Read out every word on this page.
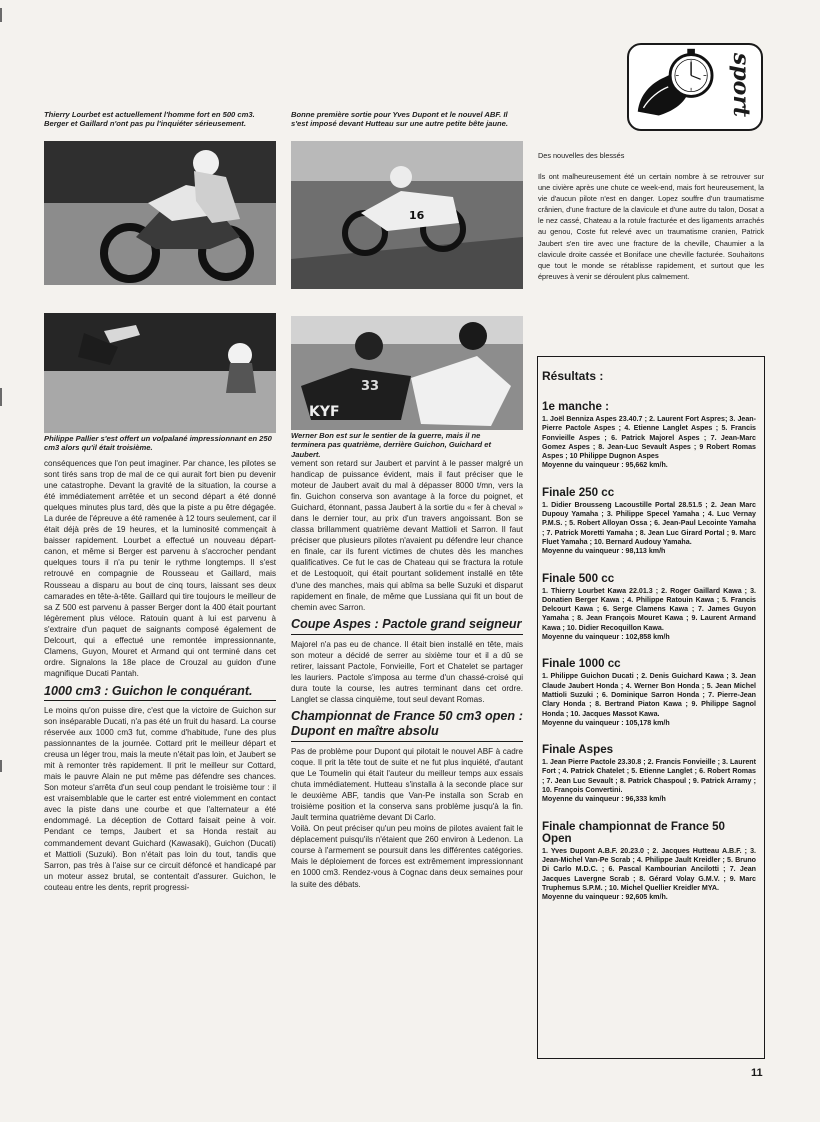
sport
Thierry Lourbet est actuellement l'homme fort en 500 cm3. Berger et Gaillard n'ont pas pu l'inquiéter sérieusement.
Bonne première sortie pour Yves Dupont et le nouvel ABF. Il s'est imposé devant Hutteau sur une autre petite bête jaune.
16
Philippe Pallier s'est offert un volpalané impressionnant en 250 cm3 alors qu'il était troisième.
KYF
33
Werner Bon est sur le sentier de la guerre, mais il ne terminera pas quatrième, derrière Guichon, Guichard et Jaubert.

conséquences que l'on peut imaginer. Par chance, les pilotes se sont tirés sans trop de mal de ce qui aurait fort bien pu devenir une catastrophe. Devant la gravité de la situation, la course a été immédiatement arrêtée et un second départ a été donné quelques minutes plus tard, dès que la piste a pu être dégagée. La durée de l'épreuve a été ramenée à 12 tours seulement, car il était déjà près de 19 heures, et la luminosité commençait à baisser rapidement. Lourbet a effectué un nouveau départ-canon, et même si Berger est parvenu à s'accrocher pendant quelques tours il n'a pu tenir le rythme longtemps. Il s'est retrouvé en compagnie de Rousseau et Gaillard, mais Rousseau a disparu au bout de cinq tours, laissant ses deux camarades en tête-à-tête. Gaillard qui tire toujours le meilleur de sa Z 500 est parvenu à passer Berger dont la 400 était pourtant légèrement plus véloce. Ratouin quant à lui est parvenu à s'extraire d'un paquet de saignants composé également de Delcourt, qui a effectué une remontée impressionnante, Clamens, Guyon, Mouret et Armand qui ont terminé dans cet ordre. Signalons la 18e place de Crouzal au guidon d'une magnifique Ducati Pantah.

1000 cm3 : Guichon le conquérant.

Le moins qu'on puisse dire, c'est que la victoire de Guichon sur son inséparable Ducati, n'a pas été un fruit du hasard. La course réservée aux 1000 cm3 fut, comme d'habitude, l'une des plus passionnantes de la journée. Cottard prit le meilleur départ et creusa un léger trou, mais la meute n'était pas loin, et Jaubert se mit à remonter très rapidement. Il prit le meilleur sur Cottard, mais le pauvre Alain ne put même pas défendre ses chances. Son moteur s'arrêta d'un seul coup pendant le troisième tour : il est vraisemblable que le carter est entré violemment en contact avec la piste dans une courbe et que l'alternateur a été endommagé. La déception de Cottard faisait peine à voir. Pendant ce temps, Jaubert et sa Honda restait au commandement devant Guichard (Kawasaki), Guichon (Ducati) et Mattioli (Suzuki). Bon n'était pas loin du tout, tandis que Sarron, pas très à l'aise sur ce circuit défoncé et handicapé par un moteur assez brutal, se contentait d'assurer. Guichon, le couteau entre les dents, reprit progressi-

vement son retard sur Jaubert et parvint à le passer malgré un handicap de puissance évident, mais il faut préciser que le moteur de Jaubert avait du mal à dépasser 8000 t/mn, vers la fin. Guichon conserva son avantage à la force du poignet, et Guichard, étonnant, passa Jaubert à la sortie du « fer à cheval » dans le dernier tour, au prix d'un travers angoissant. Bon se classa brillamment quatrième devant Mattioli et Sarron. Il faut préciser que plusieurs pilotes n'avaient pu défendre leur chance en finale, car ils furent victimes de chutes dès les manches qualificatives. Ce fut le cas de Chateau qui se fractura la rotule et de Lestoquoit, qui était pourtant solidement installé en tête d'une des manches, mais qui abîma sa belle Suzuki et disparut rapidement en finale, de même que Lussiana qui fit un bout de chemin avec Sarron.

Coupe Aspes : Pactole grand seigneur

Majorel n'a pas eu de chance. Il était bien installé en tête, mais son moteur a décidé de serrer au sixième tour et il a dû se retirer, laissant Pactole, Fonvieille, Fort et Chatelet se partager les lauriers. Pactole s'imposa au terme d'un chassé-croisé qui dura toute la course, les autres terminant dans cet ordre. Langlet se classa cinquième, tout seul devant Romas.

Championnat de France 50 cm3 open : Dupont en maître absolu

Pas de problème pour Dupont qui pilotait le nouvel ABF à cadre coque. Il prit la tête tout de suite et ne fut plus inquiété, d'autant que Le Toumelin qui était l'auteur du meilleur temps aux essais chuta immédiatement. Hutteau s'installa à la seconde place sur le deuxième ABF, tandis que Van-Pe installa son Scrab en troisième position et la conserva sans problème jusqu'à la fin. Jault termina quatrième devant Di Carlo.

Voilà. On peut préciser qu'un peu moins de pilotes avaient fait le déplacement puisqu'ils n'étaient que 260 environ à Ledenon. La course à l'armement se poursuit dans les différentes catégories. Mais le déploiement de forces est extrêmement impressionnant en 1000 cm3. Rendez-vous à Cognac dans deux semaines pour la suite des débats.

Des nouvelles des blessés
Ils ont malheureusement été un certain nombre à se retrouver sur une civière après une chute ce week-end, mais fort heureusement, la vie d'aucun pilote n'est en danger. Lopez souffre d'un traumatisme crânien, d'une fracture de la clavicule et d'une autre du talon, Dosat a le nez cassé, Chateau a la rotule fracturée et des ligaments arrachés au genou, Coste fut relevé avec un traumatisme cranien, Patrick Jaubert s'en tire avec une fracture de la cheville, Chaumier a la clavicule droite cassée et Boniface une cheville facturée. Souhaitons que tout le monde se rétablisse rapidement, et surtout que les épreuves à venir se déroulent plus calmement.
Résultats :
1e manche :
1. Joël Benniza Aspes 23.40.7 ; 2. Laurent Fort Aspres; 3. Jean-Pierre Pactole Aspes ; 4. Etienne Langlet Aspes ; 5. Francis Fonvieille Aspes ; 6. Patrick Majorel Aspes ; 7. Jean-Marc Gomez Aspes ; 8. Jean-Luc Sevault Aspes ; 9 Robert Romas Aspes ; 10 Philippe Dugnon Aspes
Moyenne du vainqueur : 95,662 km/h.
Finale 250 cc
1. Didier Brousseng Lacoustille Portal 28.51.5 ; 2. Jean Marc Dupouy Yamaha ; 3. Philippe Specel Yamaha ; 4. Luc Vernay P.M.S. ; 5. Robert Alloyan Ossa ; 6. Jean-Paul Lecointe Yamaha ; 7. Patrick Moretti Yamaha ; 8. Jean Luc Girard Portal ; 9. Marc Fluet Yamaha ; 10. Bernard Audouy Yamaha.
Moyenne du vainqueur : 98,113 km/h
Finale 500 cc
1. Thierry Lourbet Kawa 22.01.3 ; 2. Roger Gaillard Kawa ; 3. Donatien Berger Kawa ; 4. Philippe Ratouin Kawa ; 5. Francis Delcourt Kawa ; 6. Serge Clamens Kawa ; 7. James Guyon Yamaha ; 8. Jean François Mouret Kawa ; 9. Laurent Armand Kawa ; 10. Didier Recoquillon Kawa.
Moyenne du vainqueur : 102,858 km/h
Finale 1000 cc
1. Philippe Guichon Ducati ; 2. Denis Guichard Kawa ; 3. Jean Claude Jaubert Honda ; 4. Werner Bon Honda ; 5. Jean Michel Mattioli Suzuki ; 6. Dominique Sarron Honda ; 7. Pierre-Jean Clary Honda ; 8. Bertrand Piaton Kawa ; 9. Philippe Sagnol Honda ; 10. Jacques Massot Kawa.
Moyenne du vainqueur : 105,178 km/h
Finale Aspes
1. Jean Pierre Pactole 23.30.8 ; 2. Francis Fonvieille ; 3. Laurent Fort ; 4. Patrick Chatelet ; 5. Etienne Langlet ; 6. Robert Romas ; 7. Jean Luc Sevault ; 8. Patrick Chaspoul ; 9. Patrick Arramy ; 10. François Convertini.
Moyenne du vainqueur : 96,333 km/h
Finale championnat de France 50 Open
1. Yves Dupont A.B.F. 20.23.0 ; 2. Jacques Hutteau A.B.F. ; 3. Jean-Michel Van-Pe Scrab ; 4. Philippe Jault Kreidler ; 5. Bruno Di Carlo M.D.C. ; 6. Pascal Kambourian Ancilotti ; 7. Jean Jacques Lavergne Scrab ; 8. Gérard Volay G.M.V. ; 9. Marc Truphemus S.P.M. ; 10. Michel Quellier Kreidler MYA.
Moyenne du vainqueur : 92,605 km/h.
11
